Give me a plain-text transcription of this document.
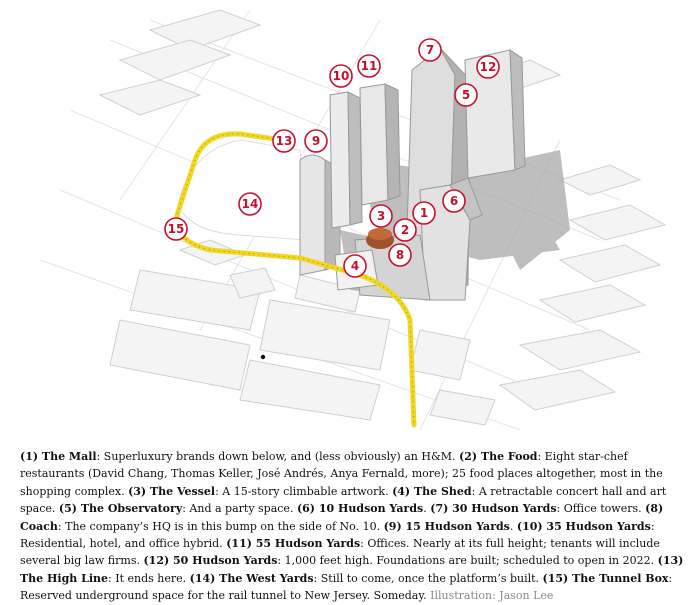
1
2
3
4
5
6
7
8
9
10
11	12
13
14
15
(1) The Mall: Superluxury brands down below, and (less obviously) an H&M. (2) The Food: Eight star-chef restaurants (David Chang, Thomas Keller, José Andrés, Anya Fernald, more); 25 food places altogether, most in the shopping complex. (3) The Vessel: A 15-story climbable artwork. (4) The Shed: A retractable concert hall and art space. (5) The Observatory: And a party space. (6) 10 Hudson Yards. (7) 30 Hudson Yards: Office towers. (8) Coach: The company’s HQ is in this bump on the side of No. 10. (9) 15 Hudson Yards. (10) 35 Hudson Yards: Residential, hotel, and office hybrid. (11) 55 Hudson Yards: Offices. Nearly at its full height; tenants will include several big law firms. (12) 50 Hudson Yards: 1,000 feet high. Foundations are built; scheduled to open in 2022. (13) The High Line: It ends here. (14) The West Yards: Still to come, once the platform’s built. (15) The Tunnel Box: Reserved underground space for the rail tunnel to New Jersey. Someday. Illustration: Jason Lee
